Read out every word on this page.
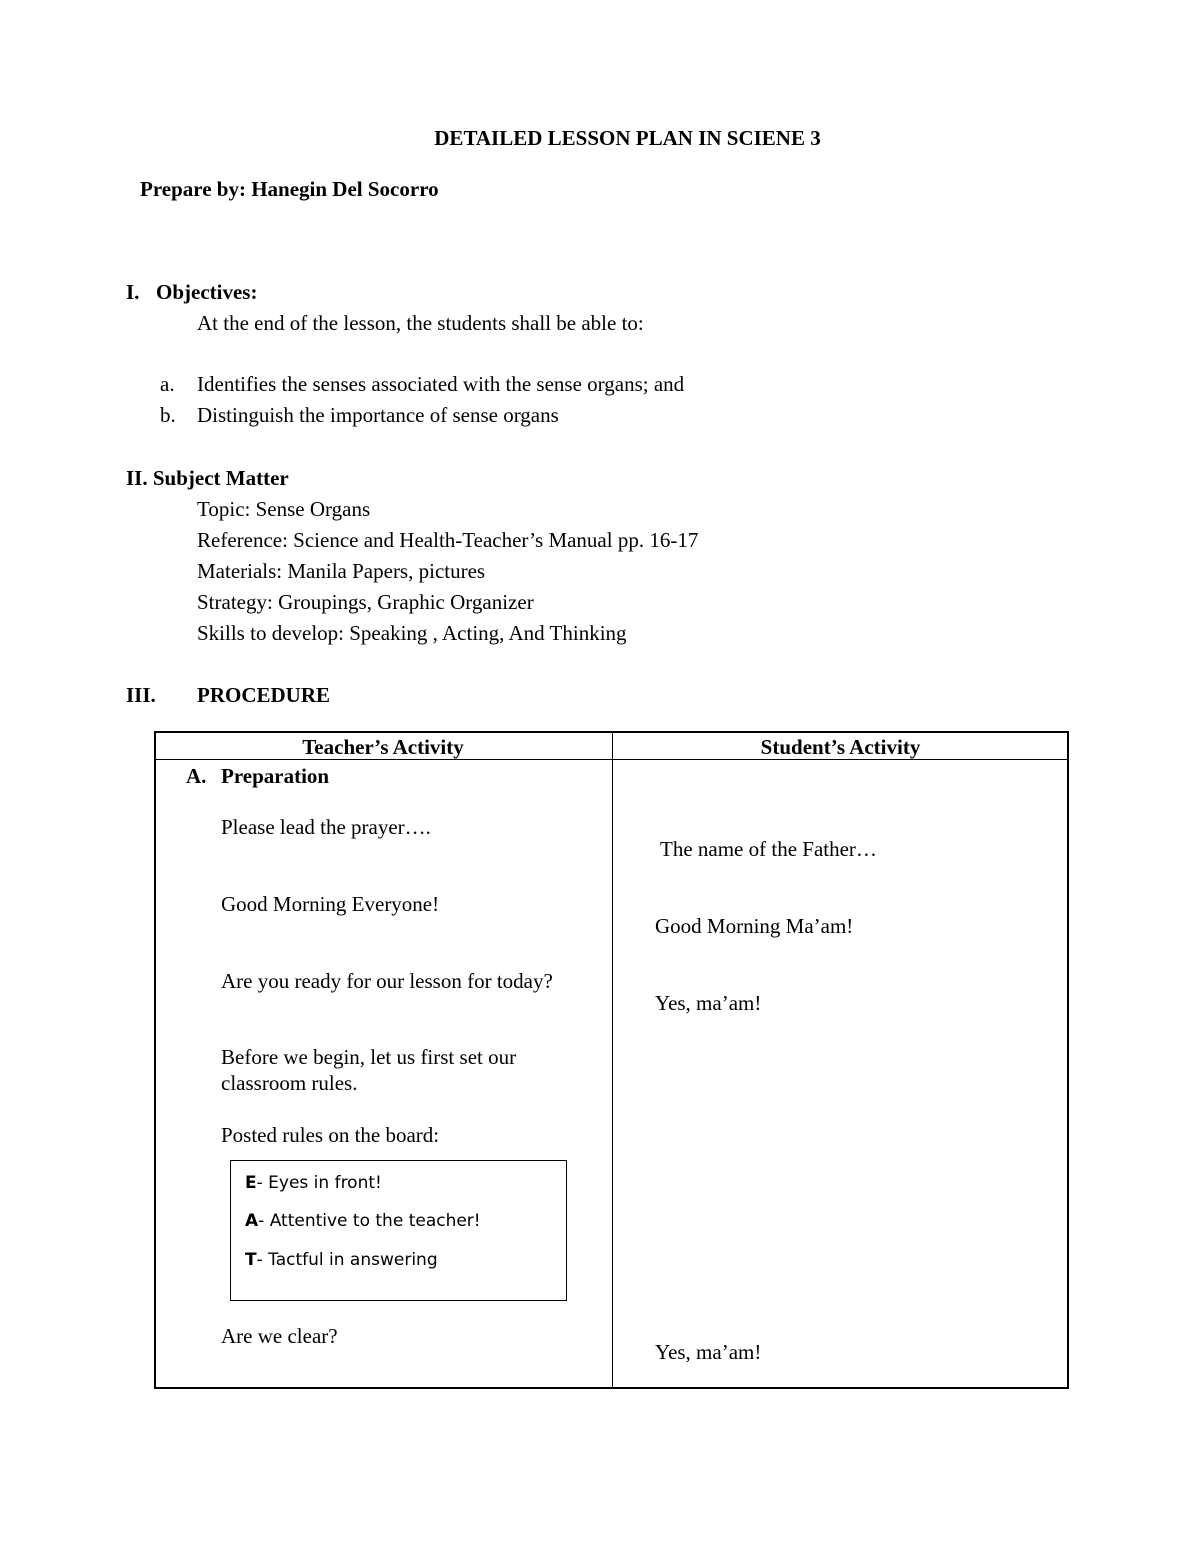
DETAILED LESSON PLAN IN SCIENE 3
Prepare by: Hanegin Del Socorro
I. Objectives:
At the end of the lesson, the students shall be able to:
a. Identifies the senses associated with the sense organs; and
b. Distinguish the importance of sense organs
II. Subject Matter
Topic: Sense Organs
Reference: Science and Health-Teacher’s Manual pp. 16-17
Materials: Manila Papers, pictures
Strategy: Groupings, Graphic Organizer
Skills to develop: Speaking , Acting, And Thinking
III. PROCEDURE
Teacher’s Activity	Student’s Activity
A. Preparation
Please lead the prayer….
Good Morning Everyone!
Are you ready for our lesson for today?
Before we begin, let us first set our
classroom rules.
Posted rules on the board:
E- Eyes in front!
A- Attentive to the teacher!
T- Tactful in answering
Are we clear?
The name of the Father…
Good Morning Ma’am!
Yes, ma’am!
Yes, ma’am!
